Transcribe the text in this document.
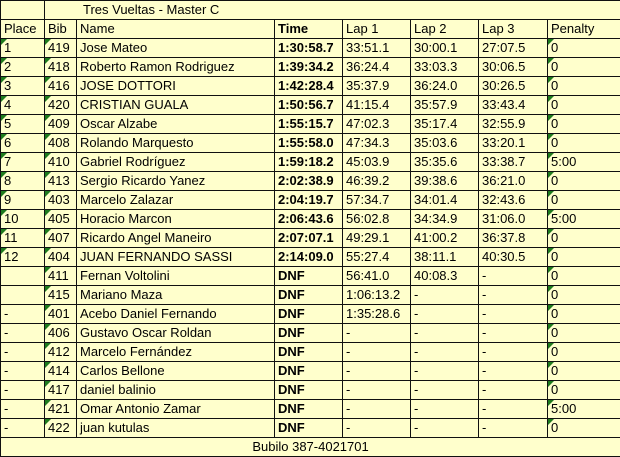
	Tres Vueltas - Master C						
Place	Bib	Name	Time	Lap 1	Lap 2	Lap 3	Penalty
1	419	Jose Mateo	1:30:58.7	33:51.1	30:00.1	27:07.5	0
2	418	Roberto Ramon Rodriguez	1:39:34.2	36:24.4	33:03.3	30:06.5	0
3	416	JOSE DOTTORI	1:42:28.4	35:37.9	36:24.0	30:26.5	0
4	420	CRISTIAN GUALA	1:50:56.7	41:15.4	35:57.9	33:43.4	0
5	409	Oscar Alzabe	1:55:15.7	47:02.3	35:17.4	32:55.9	0
6	408	Rolando Marquesto	1:55:58.0	47:34.3	35:03.6	33:20.1	0
7	410	Gabriel Rodríguez	1:59:18.2	45:03.9	35:35.6	33:38.7	5:00
8	413	Sergio Ricardo Yanez	2:02:38.9	46:39.2	39:38.6	36:21.0	0
9	403	Marcelo Zalazar	2:04:19.7	57:34.7	34:01.4	32:43.6	0
10	405	Horacio Marcon	2:06:43.6	56:02.8	34:34.9	31:06.0	5:00
11	407	Ricardo Angel Maneiro	2:07:07.1	49:29.1	41:00.2	36:37.8	0
12	404	JUAN FERNANDO SASSI	2:14:09.0	55:27.4	38:11.1	40:30.5	0
	411	Fernan Voltolini	DNF	56:41.0	40:08.3	-	0
	415	Mariano Maza	DNF	1:06:13.2	-	-	0
-	401	Acebo Daniel Fernando	DNF	1:35:28.6	-	-	0
-	406	Gustavo Oscar Roldan	DNF	-	-	-	0
-	412	Marcelo Fernández	DNF	-	-	-	0
-	414	Carlos Bellone	DNF	-	-	-	0
-	417	daniel balinio	DNF	-	-	-	0
-	421	Omar Antonio Zamar	DNF	-	-	-	5:00
-	422	juan kutulas	DNF	-	-	-	0
Bubilo 387-4021701							
